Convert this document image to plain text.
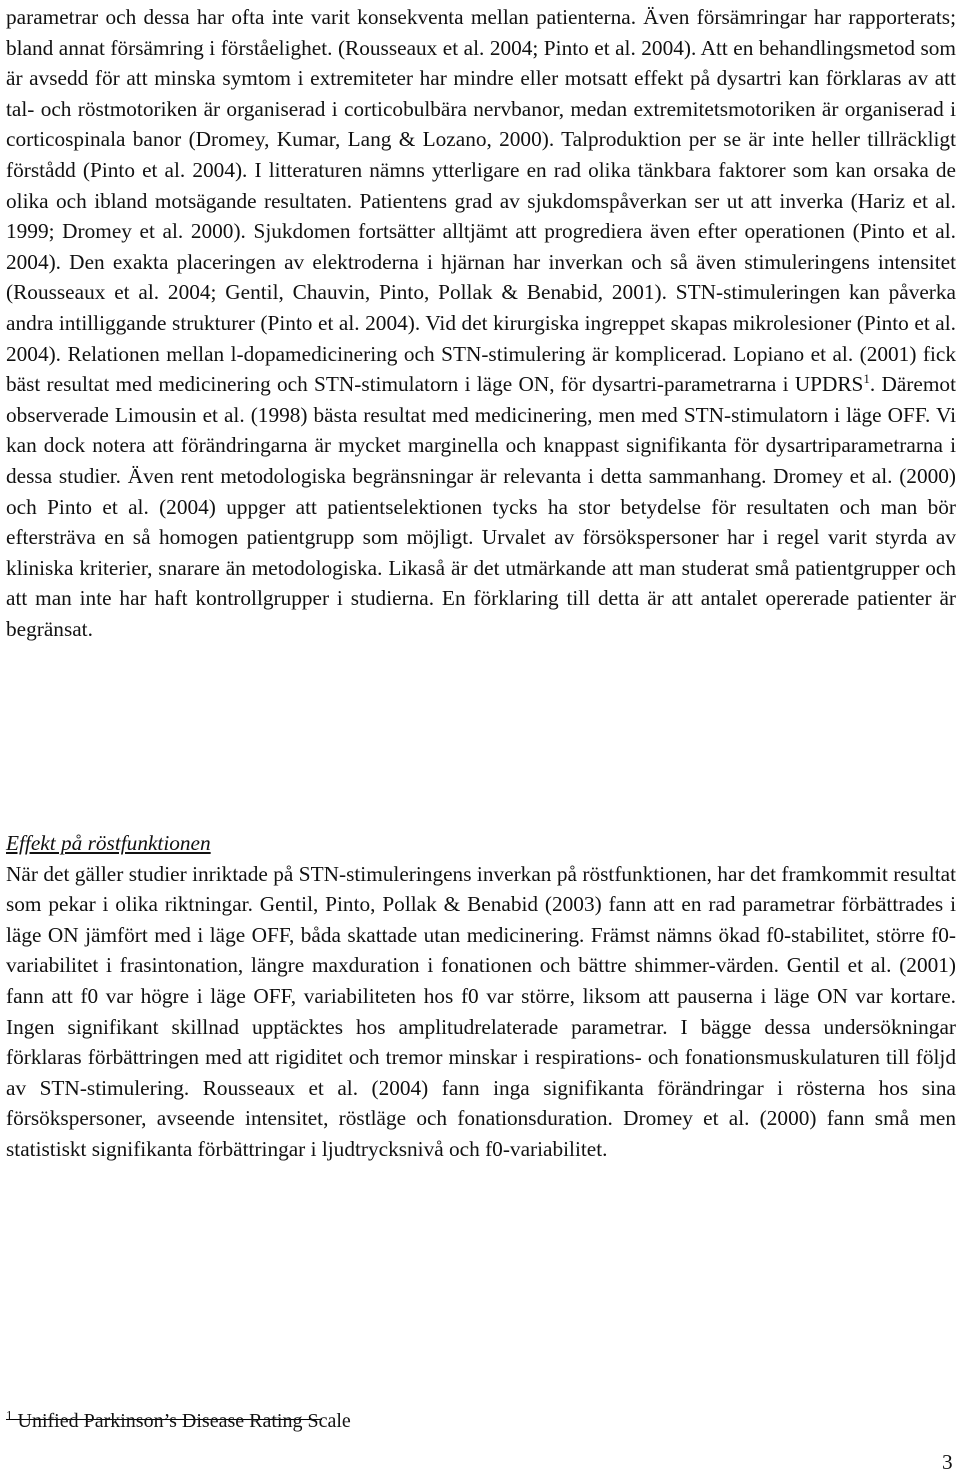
parametrar och dessa har ofta inte varit konsekventa mellan patienterna. Även försämringar har rapporterats; bland annat försämring i förståelighet. (Rousseaux et al. 2004; Pinto et al. 2004). Att en behandlingsmetod som är avsedd för att minska symtom i extremiteter har mindre eller motsatt effekt på dysartri kan förklaras av att tal- och röstmotoriken är organiserad i corticobulbära nervbanor, medan extremitetsmotoriken är organiserad i corticospinala banor (Dromey, Kumar, Lang & Lozano, 2000). Talproduktion per se är inte heller tillräckligt förstådd (Pinto et al. 2004). I litteraturen nämns ytterligare en rad olika tänkbara faktorer som kan orsaka de olika och ibland motsägande resultaten. Patientens grad av sjukdomspåverkan ser ut att inverka (Hariz et al. 1999; Dromey et al. 2000). Sjukdomen fortsätter alltjämt att progrediera även efter operationen (Pinto et al. 2004). Den exakta placeringen av elektroderna i hjärnan har inverkan och så även stimuleringens intensitet (Rousseaux et al. 2004; Gentil, Chauvin, Pinto, Pollak & Benabid, 2001). STN-stimuleringen kan påverka andra intilliggande strukturer (Pinto et al. 2004). Vid det kirurgiska ingreppet skapas mikrolesioner (Pinto et al. 2004). Relationen mellan l-dopamedicinering och STN-stimulering är komplicerad. Lopiano et al. (2001) fick bäst resultat med medicinering och STN-stimulatorn i läge ON, för dysartri-parametrarna i UPDRS$^1$. Däremot observerade Limousin et al. (1998) bästa resultat med medicinering, men med STN-stimulatorn i läge OFF. Vi kan dock notera att förändringarna är mycket marginella och knappast signifikanta för dysartriparametrarna i dessa studier. Även rent metodologiska begränsningar är relevanta i detta sammanhang. Dromey et al. (2000) och Pinto et al. (2004) uppger att patientselektionen tycks ha stor betydelse för resultaten och man bör eftersträva en så homogen patientgrupp som möjligt. Urvalet av försökspersoner har i regel varit styrda av kliniska kriterier, snarare än metodologiska. Likaså är det utmärkande att man studerat små patientgrupper och att man inte har haft kontrollgrupper i studierna. En förklaring till detta är att antalet opererade patienter är begränsat.

Effekt på röstfunktionen

När det gäller studier inriktade på STN-stimuleringens inverkan på röstfunktionen, har det framkommit resultat som pekar i olika riktningar. Gentil, Pinto, Pollak & Benabid (2003) fann att en rad parametrar förbättrades i läge ON jämfört med i läge OFF, båda skattade utan medicinering. Främst nämns ökad f0-stabilitet, större f0-variabilitet i frasintonation, längre maxduration i fonationen och bättre shimmer-värden. Gentil et al. (2001) fann att f0 var högre i läge OFF, variabiliteten hos f0 var större, liksom att pauserna i läge ON var kortare. Ingen signifikant skillnad upptäcktes hos amplitudrelaterade parametrar. I bägge dessa undersökningar förklaras förbättringen med att rigiditet och tremor minskar i respirations- och fonationsmuskulaturen till följd av STN-stimulering. Rousseaux et al. (2004) fann inga signifikanta förändringar i rösterna hos sina försökspersoner, avseende intensitet, röstläge och fonationsduration. Dromey et al. (2000) fann små men statistiskt signifikanta förbättringar i ljudtrycksnivå och f0-variabilitet.

$^1$ Unified Parkinson’s Disease Rating Scale
3
